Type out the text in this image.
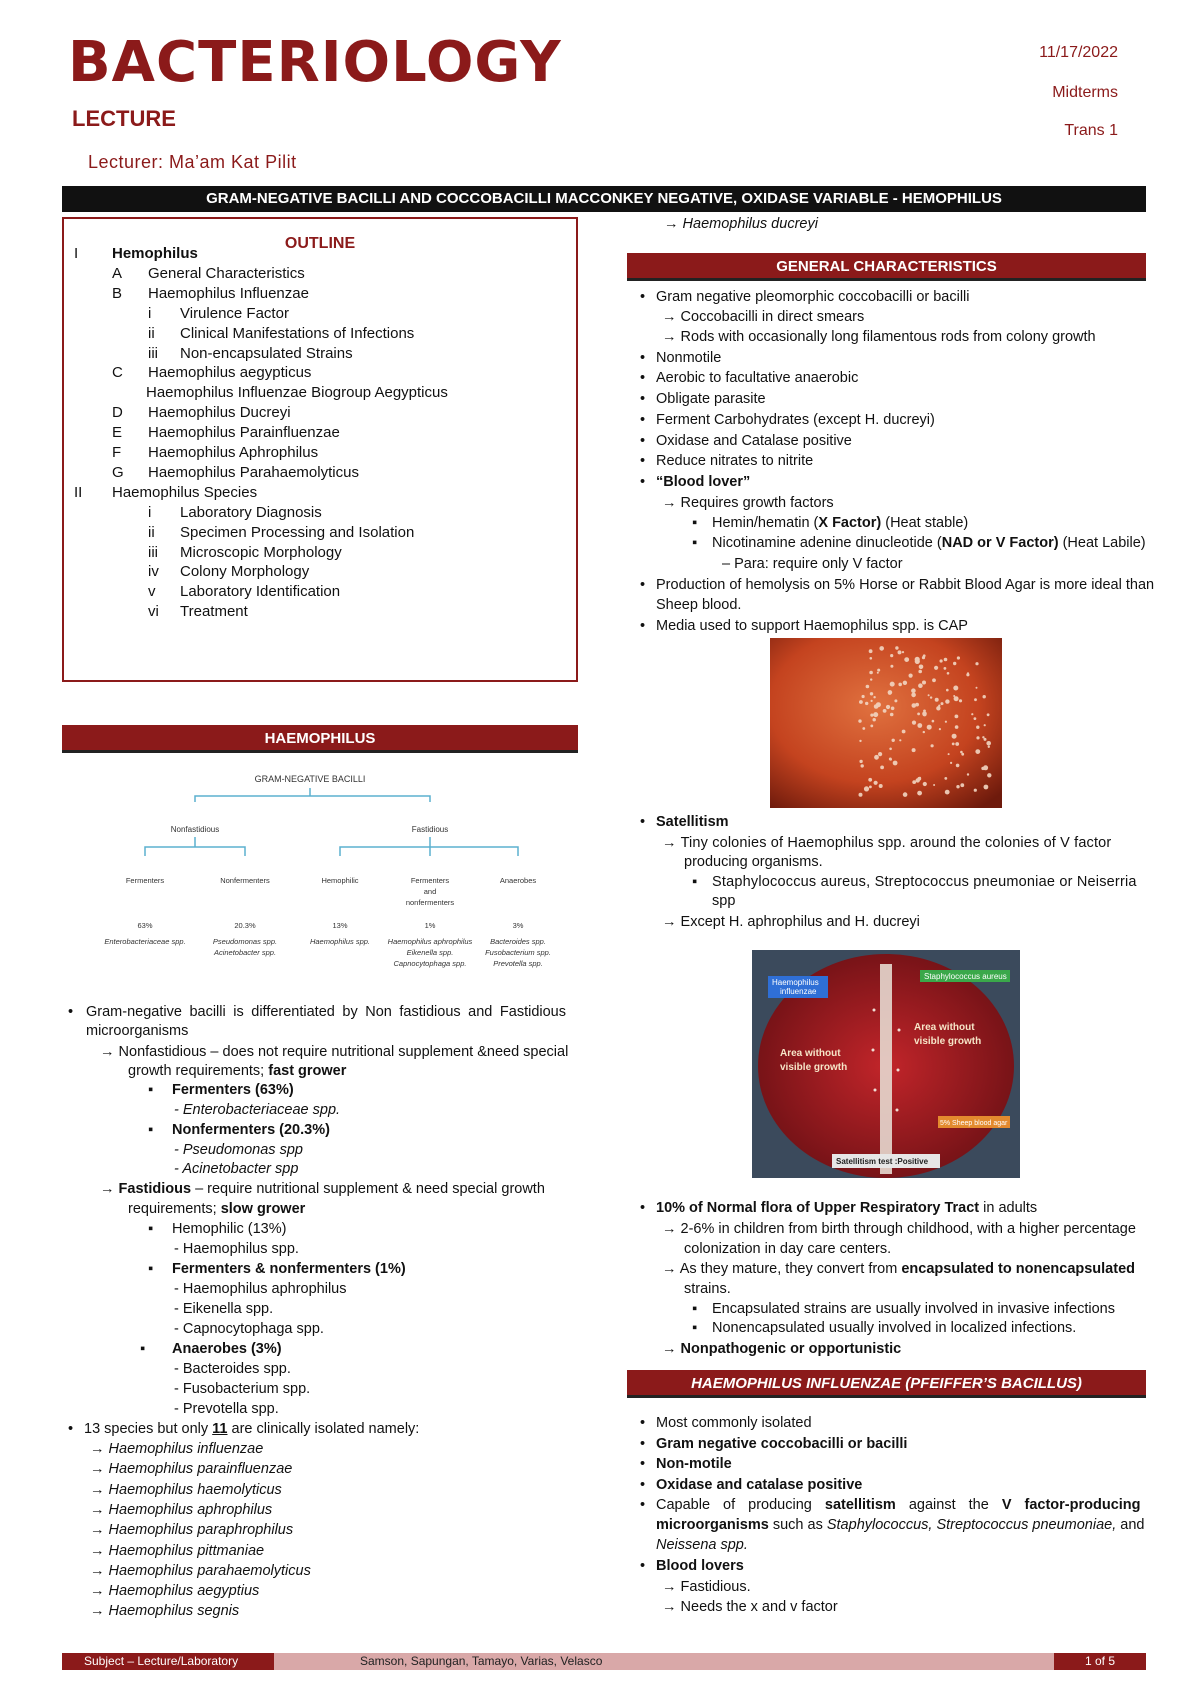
BACTERIOLOGY
LECTURE
Lecturer: Ma’am Kat Pilit
11/17/2022
Midterms
Trans 1
GRAM-NEGATIVE BACILLI AND COCCOBACILLI MACCONKEY NEGATIVE, OXIDASE VARIABLE - HEMOPHILUS
OUTLINE
I Hemophilus
A General Characteristics
B Haemophilus Influenzae
i Virulence Factor
ii Clinical Manifestations of Infections
iii Non-encapsulated Strains
C Haemophilus aegypticus
Haemophilus Influenzae Biogroup Aegypticus
D Haemophilus Ducreyi
E Haemophilus Parainfluenzae
F Haemophilus Aphrophilus
G Haemophilus Parahaemolyticus
II Haemophilus Species
i Laboratory Diagnosis
ii Specimen Processing and Isolation
iii Microscopic Morphology
iv Colony Morphology
v Laboratory Identification
vi Treatment
HAEMOPHILUS
GRAM-NEGATIVE BACILLI
Nonfastidious	Fastidious
Fermenters
63%
Enterobacteriaceae spp.
Nonfermenters
20.3%
Pseudomonas spp.
Acinetobacter spp.
Hemophilic
13%
Haemophilus spp.
Fermenters
and
nonfermenters
1%
Haemophilus aphrophilus
Eikenella spp.
Capnocytophaga spp.
Anaerobes
3%
Bacteroides spp.
Fusobacterium spp.
Prevotella spp.
• Gram-negative bacilli is differentiated by Non fastidious and Fastidious microorganisms
→ Nonfastidious – does not require nutritional supplement &need special
growth requirements; fast grower
▪ Fermenters (63%)
- Enterobacteriaceae spp.
▪ Nonfermenters (20.3%)
- Pseudomonas spp
- Acinetobacter spp
→ Fastidious – require nutritional supplement & need special growth
requirements; slow grower
▪ Hemophilic (13%)
- Haemophilus spp.
▪ Fermenters & nonfermenters (1%)
- Haemophilus aphrophilus
- Eikenella spp.
- Capnocytophaga spp.
▪ Anaerobes (3%)
- Bacteroides spp.
- Fusobacterium spp.
- Prevotella spp.
• 13 species but only 11 are clinically isolated namely:
→ Haemophilus influenzae
→ Haemophilus parainfluenzae
→ Haemophilus haemolyticus
→ Haemophilus aphrophilus
→ Haemophilus paraphrophilus
→ Haemophilus pittmaniae
→ Haemophilus parahaemolyticus
→ Haemophilus aegyptius
→ Haemophilus segnis
→ Haemophilus ducreyi
• Gram negative pleomorphic coccobacilli or bacilli
→ Coccobacilli in direct smears
→ Rods with occasionally long filamentous rods from colony growth
• Nonmotile
• Aerobic to facultative anaerobic
• Obligate parasite
• Ferment Carbohydrates (except H. ducreyi)
• Oxidase and Catalase positive
• Reduce nitrates to nitrite
• “Blood lover”
→ Requires growth factors
▪ Hemin/hematin (X Factor) (Heat stable)
▪ Nicotinamine adenine dinucleotide (NAD or V Factor) (Heat Labile)
– Para: require only V factor
• Production of hemolysis on 5% Horse or Rabbit Blood Agar is more ideal than
Sheep blood.
• Media used to support Haemophilus spp. is CAP
• Satellitism
→ Tiny colonies of Haemophilus spp. around the colonies of V factor
producing organisms.
▪ Staphylococcus aureus, Streptococcus pneumoniae or Neiserria
spp
→ Except H. aphrophilus and H. ducreyi
• 10% of Normal flora of Upper Respiratory Tract in adults
→ 2-6% in children from birth through childhood, with a higher percentage
colonization in day care centers.
→ As they mature, they convert from encapsulated to nonencapsulated
strains.
▪ Encapsulated strains are usually involved in invasive infections
▪ Nonencapsulated usually involved in localized infections.
→ Nonpathogenic or opportunistic
• Most commonly isolated
• Gram negative coccobacilli or bacilli
• Non-motile
• Oxidase and catalase positive
• Capable of producing satellitism against the V factor-producing
microorganisms such as Staphylococcus, Streptococcus pneumoniae, and
Neissena spp.
• Blood lovers
→ Fastidious.
→ Needs the x and v factor
GENERAL CHARACTERISTICS
HAEMOPHILUS INFLUENZAE (PFEIFFER’S BACILLUS)
Haemophilus
Staphylococcus aureus
Area without
Area without
5% Sheep blood agar
Satellitism test :Positive
influenzae
visible growth
visible growth
Subject – Lecture/Laboratory	Samson, Sapungan, Tamayo, Varias, Velasco	1 of 5
